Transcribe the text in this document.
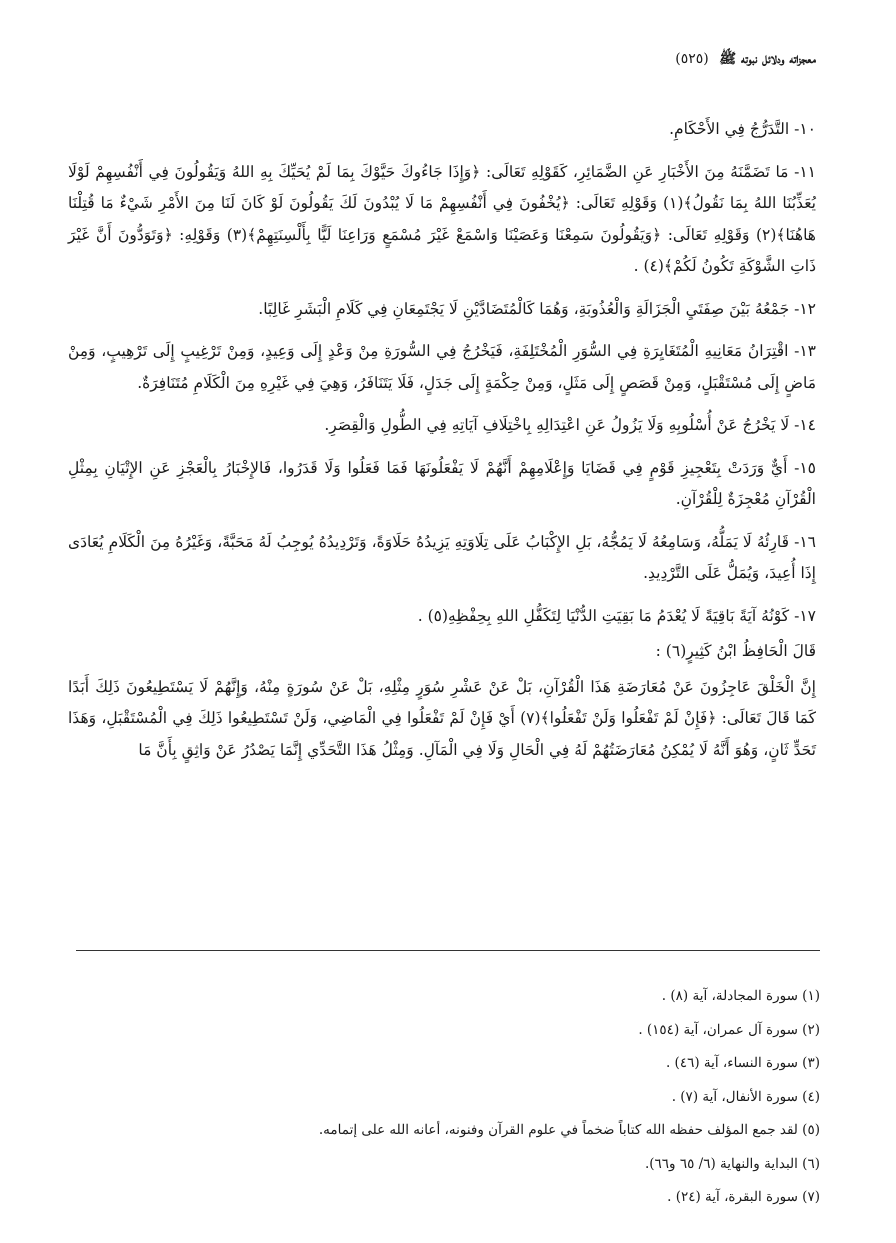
معجزاته ودلائل نبوته ﷺ (٥٢٥)

١٠- التَّدَرُّجُ فِي الأَحْكَامِ.

١١- مَا تَضَمَّنَهُ مِنَ الأَخْبَارِ عَنِ الضَّمَائِرِ، كَقَوْلِهِ تَعَالَى: ﴿وَإِذَا جَاءُوكَ حَيَّوْكَ بِمَا لَمْ يُحَيِّكَ بِهِ اللهُ وَيَقُولُونَ فِي أَنْفُسِهِمْ لَوْلَا يُعَذِّبُنَا اللهُ بِمَا نَقُولُ﴾(١) وَقَوْلِهِ تَعَالَى: ﴿يُخْفُونَ فِي أَنْفُسِهِمْ مَا لَا يُبْدُونَ لَكَ يَقُولُونَ لَوْ كَانَ لَنَا مِنَ الأَمْرِ شَيْءٌ مَا قُتِلْنَا هَاهُنَا﴾(٢) وَقَوْلِهِ تَعَالَى: ﴿وَيَقُولُونَ سَمِعْنَا وَعَصَيْنَا وَاسْمَعْ غَيْرَ مُسْمَعٍ وَرَاعِنَا لَيًّا بِأَلْسِنَتِهِمْ﴾(٣) وَقَوْلِهِ: ﴿وَتَوَدُّونَ أَنَّ غَيْرَ ذَاتِ الشَّوْكَةِ تَكُونُ لَكُمْ﴾(٤) .

١٢- جَمْعُهُ بَيْنَ صِفَتَيِ الْجَزَالَةِ وَالْعُذُوبَةِ، وَهُمَا كَالْمُتَضَادَّيْنِ لَا يَجْتَمِعَانِ فِي كَلَامِ الْبَشَرِ غَالِبًا.

١٣- اقْتِرَانُ مَعَانِيهِ الْمُتَغَايِرَةِ فِي السُّوَرِ الْمُخْتَلِفَةِ، فَيَخْرُجُ فِي السُّورَةِ مِنْ وَعْدٍ إِلَى وَعِيدٍ، وَمِنْ تَرْغِيبٍ إِلَى تَرْهِيبٍ، وَمِنْ مَاضٍ إِلَى مُسْتَقْبَلٍ، وَمِنْ قَصَصٍ إِلَى مَثَلٍ، وَمِنْ حِكْمَةٍ إِلَى جَدَلٍ، فَلَا يَتَنَافَرُ، وَهِيَ فِي غَيْرِهِ مِنَ الْكَلَامِ مُتَنَافِرَةٌ.

١٤- لَا يَخْرُجُ عَنْ أُسْلُوبِهِ وَلَا يَزُولُ عَنِ اعْتِدَالِهِ بِاخْتِلَافِ آيَاتِهِ فِي الطُّولِ وَالْقِصَرِ.

١٥- أَيٌّ وَرَدَتْ بِتَعْجِيزِ قَوْمٍ فِي قَضَايَا وَإِعْلَامِهِمْ أَنَّهُمْ لَا يَفْعَلُونَهَا فَمَا فَعَلُوا وَلَا قَدَرُوا، فَالإِخْبَارُ بِالْعَجْزِ عَنِ الإِتْيَانِ بِمِثْلِ الْقُرْآنِ مُعْجِزَةٌ لِلْقُرْآنِ.

١٦- قَارِئُهُ لَا يَمَلُّهُ، وَسَامِعُهُ لَا يَمُجُّهُ، بَلِ الإِكْبَابُ عَلَى تِلَاوَتِهِ يَزِيدُهُ حَلَاوَةً، وَتَرْدِيدُهُ يُوجِبُ لَهُ مَحَبَّةً، وَغَيْرُهُ مِنَ الْكَلَامِ يُعَادَى إِذَا أُعِيدَ، وَيُمَلُّ عَلَى التَّرْدِيدِ.

١٧- كَوْنُهُ آيَةً بَاقِيَةً لَا يُعْدَمُ مَا بَقِيَتِ الدُّنْيَا لِتَكَفُّلِ اللهِ بِحِفْظِهِ(٥) .

قَالَ الْحَافِظُ ابْنُ كَثِيرٍ(٦) :

إِنَّ الْخَلْقَ عَاجِزُونَ عَنْ مُعَارَضَةِ هَذَا الْقُرْآنِ، بَلْ عَنْ عَشْرِ سُوَرٍ مِثْلِهِ، بَلْ عَنْ سُورَةٍ مِنْهُ، وَإِنَّهُمْ لَا يَسْتَطِيعُونَ ذَلِكَ أَبَدًا كَمَا قَالَ تَعَالَى: ﴿فَإِنْ لَمْ تَفْعَلُوا وَلَنْ تَفْعَلُوا﴾(٧) أَيْ فَإِنْ لَمْ تَفْعَلُوا فِي الْمَاضِي، وَلَنْ تَسْتَطِيعُوا ذَلِكَ فِي الْمُسْتَقْبَلِ، وَهَذَا تَحَدٍّ ثَانٍ، وَهُوَ أَنَّهُ لَا يُمْكِنُ مُعَارَضَتُهُمْ لَهُ فِي الْحَالِ وَلَا فِي الْمَآلِ. وَمِثْلُ هَذَا التَّحَدِّي إِنَّمَا يَصْدُرُ عَنْ وَاثِقٍ بِأَنَّ مَا

(١) سورة المجادلة، آية (٨) .
(٢) سورة آل عمران، آية (١٥٤) .
(٣) سورة النساء، آية (٤٦) .
(٤) سورة الأنفال، آية (٧) .
(٥) لقد جمع المؤلف حفظه الله كتاباً ضخماً في علوم القرآن وفنونه، أعانه الله على إتمامه.
(٦) البداية والنهاية (٦/ ٦٥ و٦٦).
(٧) سورة البقرة، آية (٢٤) .
